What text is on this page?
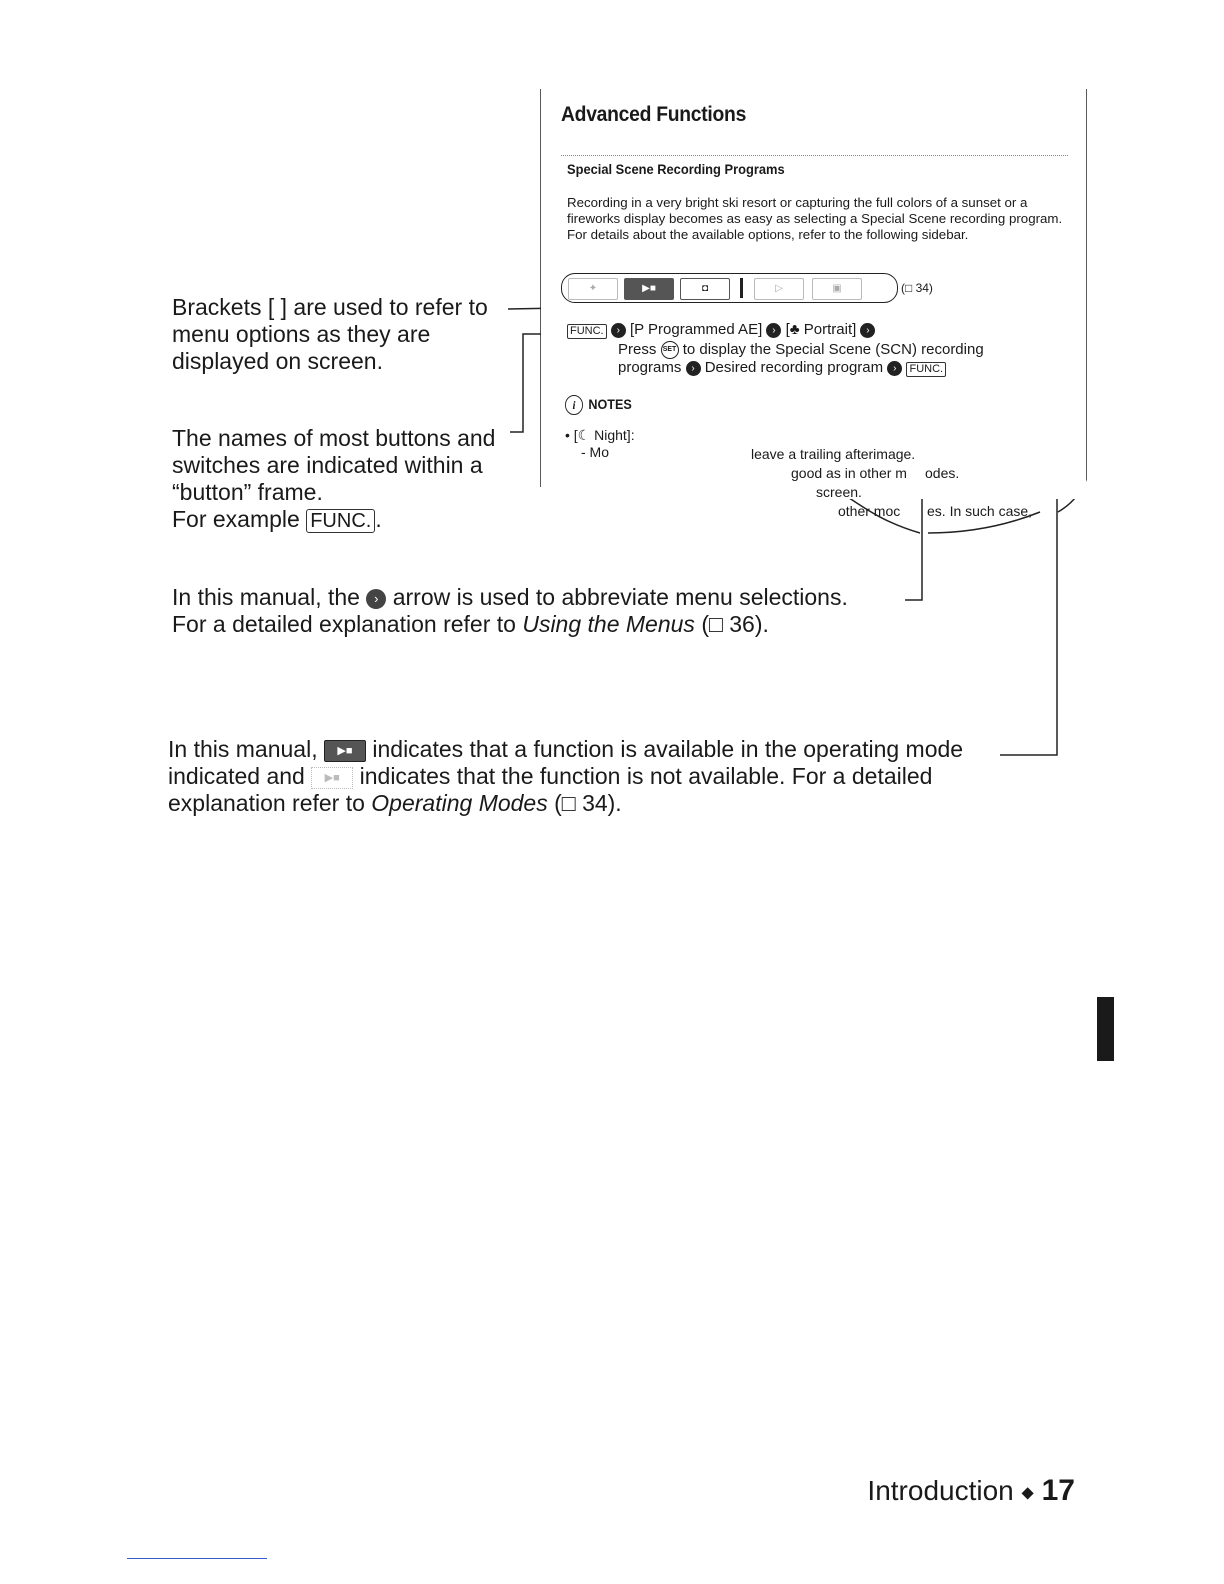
Advanced Functions
Special Scene Recording Programs

Recording in a very bright ski resort or capturing the full colors of a sunset or a fireworks display becomes as easy as selecting a Special Scene recording program. For details about the available options, refer to the following sidebar.

✦	▶■	◘	▷	▣	(□ 34)
FUNC. › [P Programmed AE] › [♣ Portrait] ›
Press SET to display the Special Scene (SCN) recording
programs › Desired recording program › FUNC.
i NOTES
• [☾ Night]:
- Mo	leave a trailing afterimage.
good as in other m odes.
screen.
other moc es. In such case,

Brackets [ ] are used to refer to

menu options as they are

displayed on screen.

The names of most buttons and

switches are indicated within a

“button” frame.

For example FUNC. .

In this manual, the › arrow is used to abbreviate menu selections.

For a detailed explanation refer to Using the Menus (□ 36).

In this manual, ▶■ indicates that a function is available in the operating mode

indicated and ▶■ indicates that the function is not available. For a detailed

explanation refer to Operating Modes (□ 34).

Introduction ◆ 17
